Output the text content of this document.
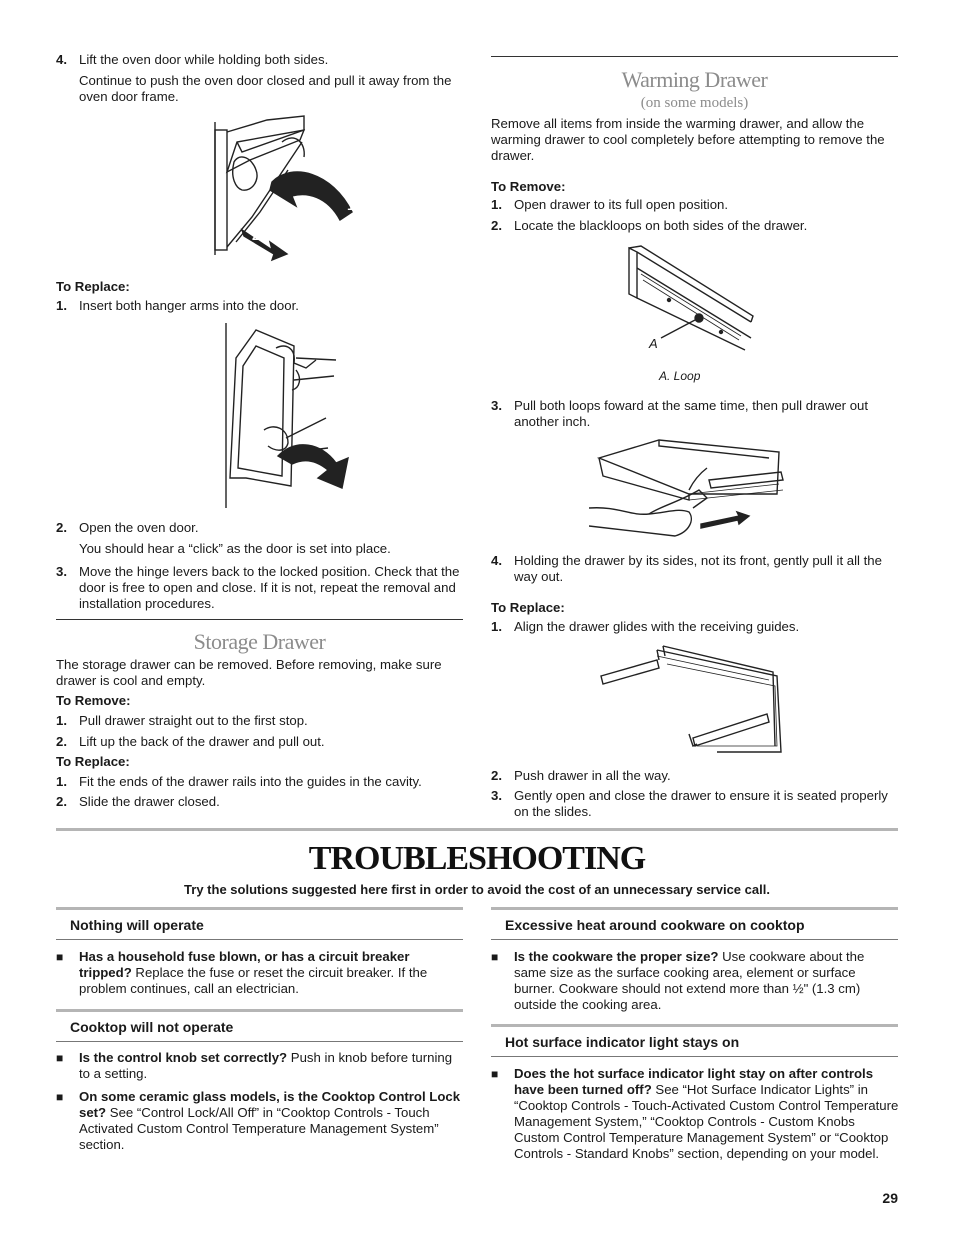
4. Lift the oven door while holding both sides.
Continue to push the oven door closed and pull it away from the oven door frame.
1
2
To Replace:
1. Insert both hanger arms into the door.
2. Open the oven door.
You should hear a “click” as the door is set into place.
3. Move the hinge levers back to the locked position. Check that the door is free to open and close. If it is not, repeat the removal and installation procedures.
Storage Drawer
The storage drawer can be removed. Before removing, make sure drawer is cool and empty.
To Remove:
1. Pull drawer straight out to the first stop.
2. Lift up the back of the drawer and pull out.
To Replace:
1. Fit the ends of the drawer rails into the guides in the cavity.
2. Slide the drawer closed.
Warming Drawer
(on some models)
Remove all items from inside the warming drawer, and allow the warming drawer to cool completely before attempting to remove the drawer.
To Remove:
1. Open drawer to its full open position.
2. Locate the blackloops on both sides of the drawer.
A
A. Loop
3. Pull both loops foward at the same time, then pull drawer out another inch.
4. Holding the drawer by its sides, not its front, gently pull it all the way out.
To Replace:
1. Align the drawer glides with the receiving guides.
2. Push drawer in all the way.
3. Gently open and close the drawer to ensure it is seated properly on the slides.
TROUBLESHOOTING
Try the solutions suggested here first in order to avoid the cost of an unnecessary service call.
Nothing will operate
■	Has a household fuse blown, or has a circuit breaker tripped? Replace the fuse or reset the circuit breaker. If the problem continues, call an electrician.
Cooktop will not operate
■	Is the control knob set correctly? Push in knob before turning to a setting.
■	On some ceramic glass models, is the Cooktop Control Lock set? See “Control Lock/All Off” in “Cooktop Controls - Touch Activated Custom Control Temperature Management System” section.
Excessive heat around cookware on cooktop
■	Is the cookware the proper size? Use cookware about the same size as the surface cooking area, element or surface burner. Cookware should not extend more than ½" (1.3 cm) outside the cooking area.
Hot surface indicator light stays on
■	Does the hot surface indicator light stay on after controls have been turned off? See “Hot Surface Indicator Lights” in “Cooktop Controls - Touch-Activated Custom Control Temperature Management System,” “Cooktop Controls - Custom Knobs Custom Control Temperature Management System” or “Cooktop Controls - Standard Knobs” section, depending on your model.
29
